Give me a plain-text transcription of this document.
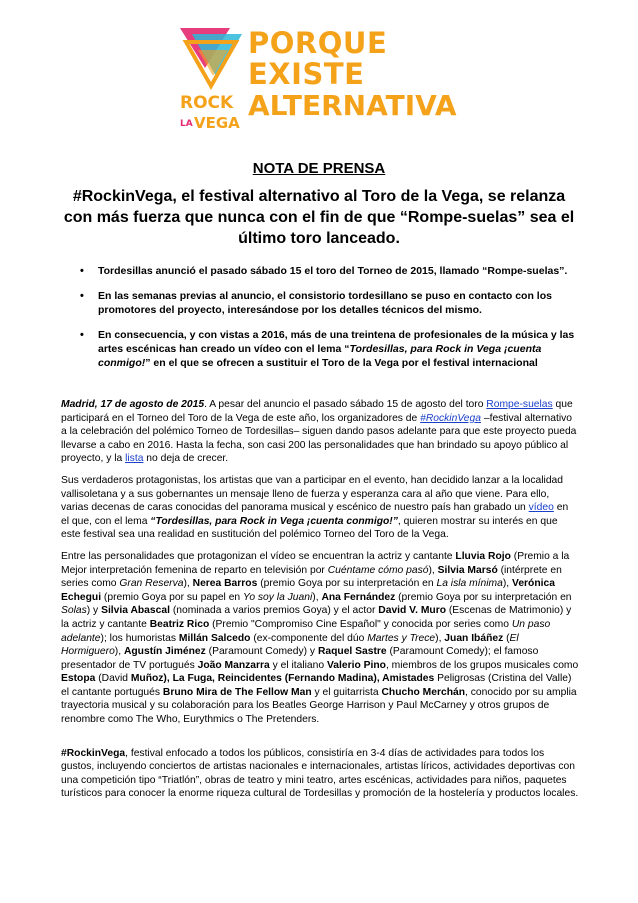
ROCK
LA VEGA
PORQUE
EXISTE
ALTERNATIVA
NOTA DE PRENSA
#RockinVega, el festival alternativo al Toro de la Vega, se relanza con más fuerza que nunca con el fin de que “Rompe-suelas” sea el último toro lanceado.
• Tordesillas anunció el pasado sábado 15 el toro del Torneo de 2015, llamado “Rompe-suelas”.
• En las semanas previas al anuncio, el consistorio tordesillano se puso en contacto con los promotores del proyecto, interesándose por los detalles técnicos del mismo.
• En consecuencia, y con vistas a 2016, más de una treintena de profesionales de la música y las artes escénicas han creado un vídeo con el lema “Tordesillas, para Rock in Vega ¡cuenta conmigo!” en el que se ofrecen a sustituir el Toro de la Vega por el festival internacional

Madrid, 17 de agosto de 2015. A pesar del anuncio el pasado sábado 15 de agosto del toro Rompe-suelas que participará en el Torneo del Toro de la Vega de este año, los organizadores de #RockinVega –festival alternativo a la celebración del polémico Torneo de Tordesillas– siguen dando pasos adelante para que este proyecto pueda llevarse a cabo en 2016. Hasta la fecha, son casi 200 las personalidades que han brindado su apoyo público al proyecto, y la lista no deja de crecer.

Sus verdaderos protagonistas, los artistas que van a participar en el evento, han decidido lanzar a la localidad vallisoletana y a sus gobernantes un mensaje lleno de fuerza y esperanza cara al año que viene. Para ello, varias decenas de caras conocidas del panorama musical y escénico de nuestro país han grabado un vídeo en el que, con el lema “Tordesillas, para Rock in Vega ¡cuenta conmigo!”, quieren mostrar su interés en que este festival sea una realidad en sustitución del polémico Torneo del Toro de la Vega.

Entre las personalidades que protagonizan el vídeo se encuentran la actriz y cantante Lluvia Rojo (Premio a la Mejor interpretación femenina de reparto en televisión por Cuéntame cómo pasó), Silvia Marsó (intérprete en series como Gran Reserva), Nerea Barros (premio Goya por su interpretación en La isla mínima), Verónica Echegui (premio Goya por su papel en Yo soy la Juani), Ana Fernández (premio Goya por su interpretación en Solas) y Silvia Abascal (nominada a varios premios Goya) y el actor David V. Muro (Escenas de Matrimonio) y la actriz y cantante Beatriz Rico (Premio "Compromiso Cine Español" y conocida por series como Un paso adelante); los humoristas Millán Salcedo (ex-componente del dúo Martes y Trece), Juan Ibáñez (El Hormiguero), Agustín Jiménez (Paramount Comedy) y Raquel Sastre (Paramount Comedy); el famoso presentador de TV portugués João Manzarra y el italiano Valerio Pino, miembros de los grupos musicales como Estopa (David Muñoz), La Fuga, Reincidentes (Fernando Madina), Amistades Peligrosas (Cristina del Valle) el cantante portugués Bruno Mira de The Fellow Man y el guitarrista Chucho Merchán, conocido por su amplia trayectoria musical y su colaboración para los Beatles George Harrison y Paul McCarney y otros grupos de renombre como The Who, Eurythmics o The Pretenders.

#RockinVega, festival enfocado a todos los públicos, consistiría en 3-4 días de actividades para todos los gustos, incluyendo conciertos de artistas nacionales e internacionales, artistas líricos, actividades deportivas con una competición tipo “Triatlón”, obras de teatro y mini teatro, artes escénicas, actividades para niños, paquetes turísticos para conocer la enorme riqueza cultural de Tordesillas y promoción de la hostelería y productos locales.
